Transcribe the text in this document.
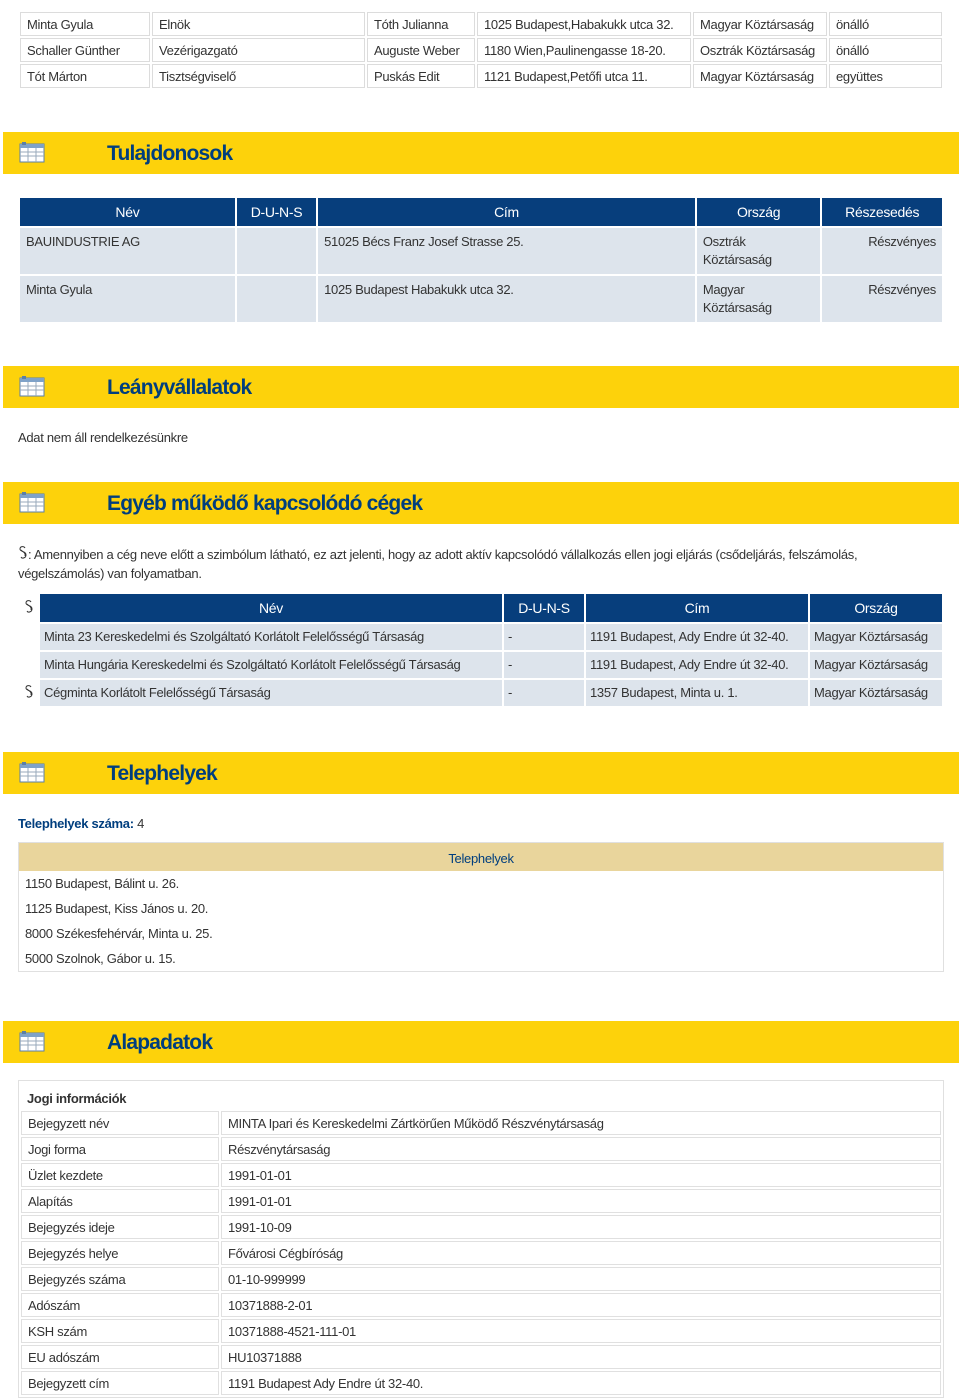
Minta Gyula	Elnök	Tóth Julianna	1025 Budapest,Habakukk utca 32.	Magyar Köztársaság	önálló
Schaller Günther	Vezérigazgató	Auguste Weber	1180 Wien,Paulinengasse 18-20.	Osztrák Köztársaság	önálló
Tót Márton	Tisztségviselő	Puskás Edit	1121 Budapest,Petőfi utca 11.	Magyar Köztársaság	együttes
Tulajdonosok
Név	D-U-N-S	Cím	Ország	Részesedés
BAUINDUSTRIE AG		51025 Bécs Franz Josef Strasse 25.	Osztrák Köztársaság	Részvényes
Minta Gyula		1025 Budapest Habakukk utca 32.	Magyar Köztársaság	Részvényes
Leányvállalatok
Adat nem áll rendelkezésünkre
Egyéb működő kapcsolódó cégek
: Amennyiben a cég neve előtt a szimbólum látható, ez azt jelenti, hogy az adott aktív kapcsolódó vállalkozás ellen jogi eljárás (csődeljárás, felszámolás, végelszámolás) van folyamatban.
	Név	D-U-N-S	Cím	Ország
	Minta 23 Kereskedelmi és Szolgáltató Korlátolt Felelősségű Társaság	-	1191 Budapest, Ady Endre út 32-40.	Magyar Köztársaság
	Minta Hungária Kereskedelmi és Szolgáltató Korlátolt Felelősségű Társaság	-	1191 Budapest, Ady Endre út 32-40.	Magyar Köztársaság
	Cégminta Korlátolt Felelősségű Társaság	-	1357 Budapest, Minta u. 1.	Magyar Köztársaság
Telephelyek
Telephelyek száma: 4
Telephelyek
1150 Budapest, Bálint u. 26.
1125 Budapest, Kiss János u. 20.
8000 Székesfehérvár, Minta u. 25.
5000 Szolnok, Gábor u. 15.
Alapadatok
Jogi információk	
Bejegyzett név	MINTA Ipari és Kereskedelmi Zártkörűen Működő Részvénytársaság
Jogi forma	Részvénytársaság
Üzlet kezdete	1991-01-01
Alapítás	1991-01-01
Bejegyzés ideje	1991-10-09
Bejegyzés helye	Fővárosi Cégbíróság
Bejegyzés száma	01-10-999999
Adószám	10371888-2-01
KSH szám	10371888-4521-111-01
EU adószám	HU10371888
Bejegyzett cím	1191 Budapest Ady Endre út 32-40.
